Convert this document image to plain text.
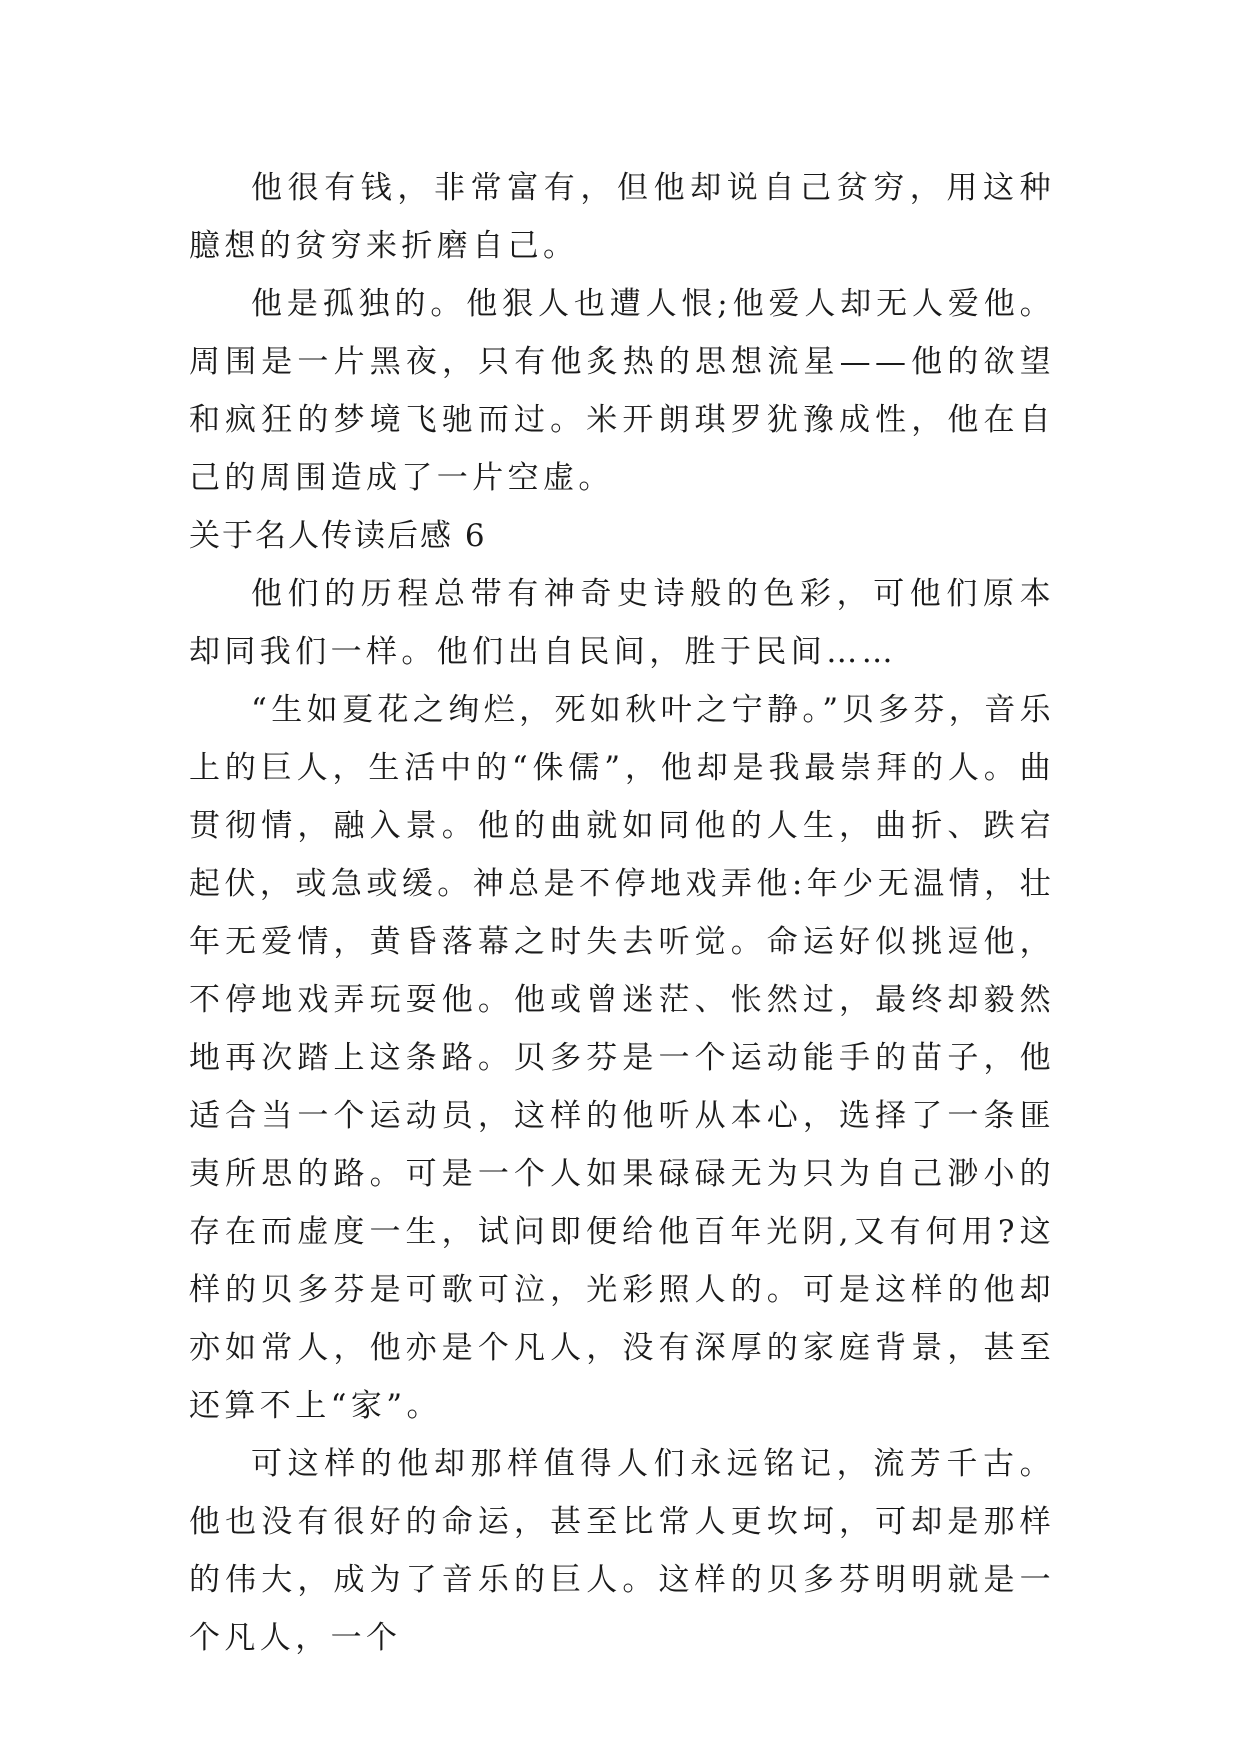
他很有钱，非常富有，但他却说自己贫穷，用这种臆想的贫穷来折磨自己。

他是孤独的。他狠人也遭人恨;他爱人却无人爱他。周围是一片黑夜，只有他炙热的思想流星——他的欲望和疯狂的梦境飞驰而过。米开朗琪罗犹豫成性，他在自己的周围造成了一片空虚。

关于名人传读后感 6

他们的历程总带有神奇史诗般的色彩，可他们原本却同我们一样。他们出自民间，胜于民间……

“生如夏花之绚烂，死如秋叶之宁静。”贝多芬，音乐上的巨人，生活中的“侏儒”，他却是我最崇拜的人。曲贯彻情，融入景。他的曲就如同他的人生，曲折、跌宕起伏，或急或缓。神总是不停地戏弄他:年少无温情，壮年无爱情，黄昏落幕之时失去听觉。命运好似挑逗他，不停地戏弄玩耍他。他或曾迷茫、怅然过，最终却毅然地再次踏上这条路。贝多芬是一个运动能手的苗子，他适合当一个运动员，这样的他听从本心，选择了一条匪夷所思的路。可是一个人如果碌碌无为只为自己渺小的存在而虚度一生，试问即便给他百年光阴,又有何用?这样的贝多芬是可歌可泣，光彩照人的。可是这样的他却亦如常人，他亦是个凡人，没有深厚的家庭背景，甚至还算不上“家”。

可这样的他却那样值得人们永远铭记，流芳千古。他也没有很好的命运，甚至比常人更坎坷，可却是那样的伟大，成为了音乐的巨人。这样的贝多芬明明就是一个凡人，一个
